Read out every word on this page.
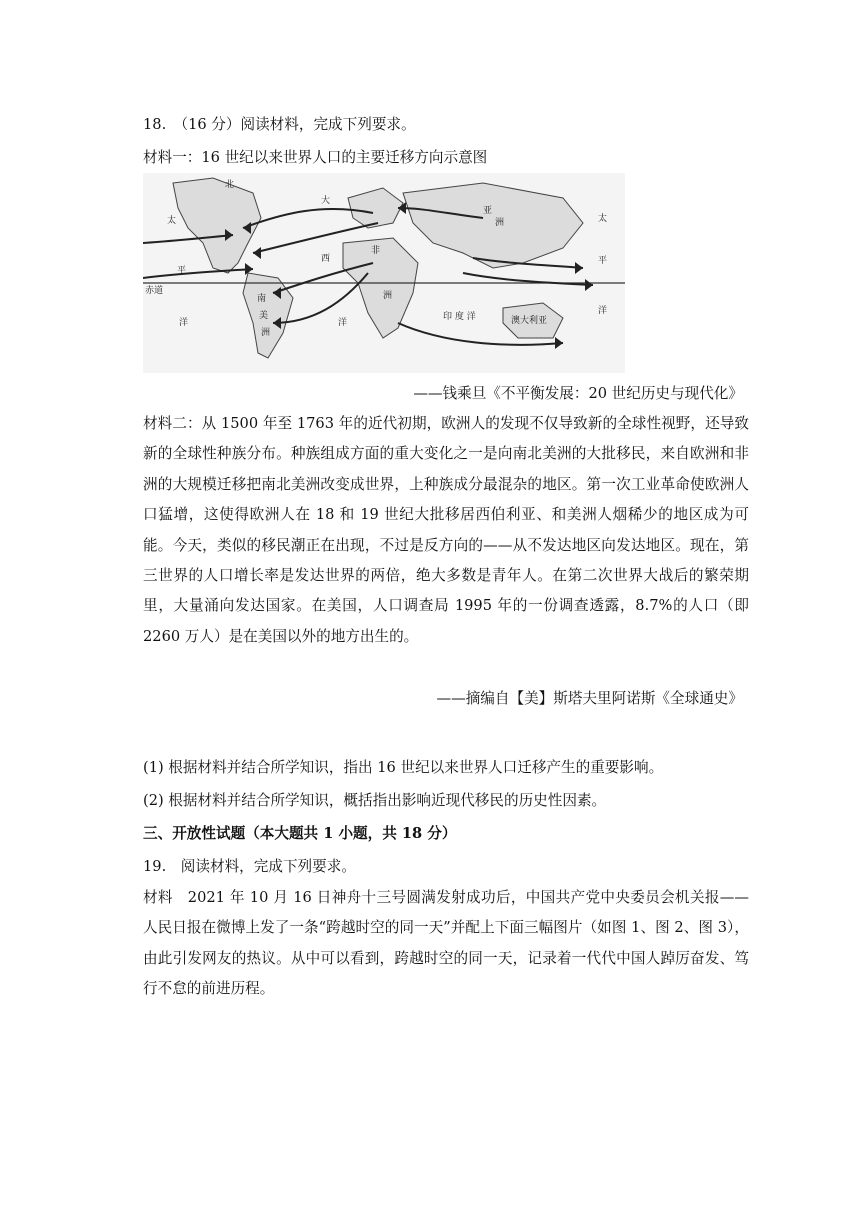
18.　（16 分）阅读材料，完成下列要求。
材料一：16 世纪以来世界人口的主要迁移方向示意图
北
大
太
平
洋
亚
洲	太
平
洋
非
南
美
洲
西
洲
洋
印 度 洋	澳大利亚
赤道
——钱乘旦《不平衡发展：20 世纪历史与现代化》
材料二：从 1500 年至 1763 年的近代初期，欧洲人的发现不仅导致新的全球性视野，还导致新的全球性种族分布。种族组成方面的重大变化之一是向南北美洲的大批移民，来自欧洲和非洲的大规模迁移把南北美洲改变成世界，上种族成分最混杂的地区。第一次工业革命使欧洲人口猛增，这使得欧洲人在 18 和 19 世纪大批移居西伯利亚、和美洲人烟稀少的地区成为可能。今天，类似的移民潮正在出现，不过是反方向的——从不发达地区向发达地区。现在，第三世界的人口增长率是发达世界的两倍，绝大多数是青年人。在第二次世界大战后的繁荣期里，大量涌向发达国家。在美国，人口调查局 1995 年的一份调查透露，8.7%的人口（即 2260 万人）是在美国以外的地方出生的。
——摘编自【美】斯塔夫里阿诺斯《全球通史》
(1) 根据材料并结合所学知识，指出 16 世纪以来世界人口迁移产生的重要影响。
(2) 根据材料并结合所学知识，概括指出影响近现代移民的历史性因素。
三、开放性试题（本大题共 1 小题，共 18 分）
19.　阅读材料，完成下列要求。
材料　2021 年 10 月 16 日神舟十三号圆满发射成功后，中国共产党中央委员会机关报——人民日报在微博上发了一条“跨越时空的同一天”并配上下面三幅图片（如图 1、图 2、图 3），由此引发网友的热议。从中可以看到，跨越时空的同一天，记录着一代代中国人踔厉奋发、笃行不怠的前进历程。
